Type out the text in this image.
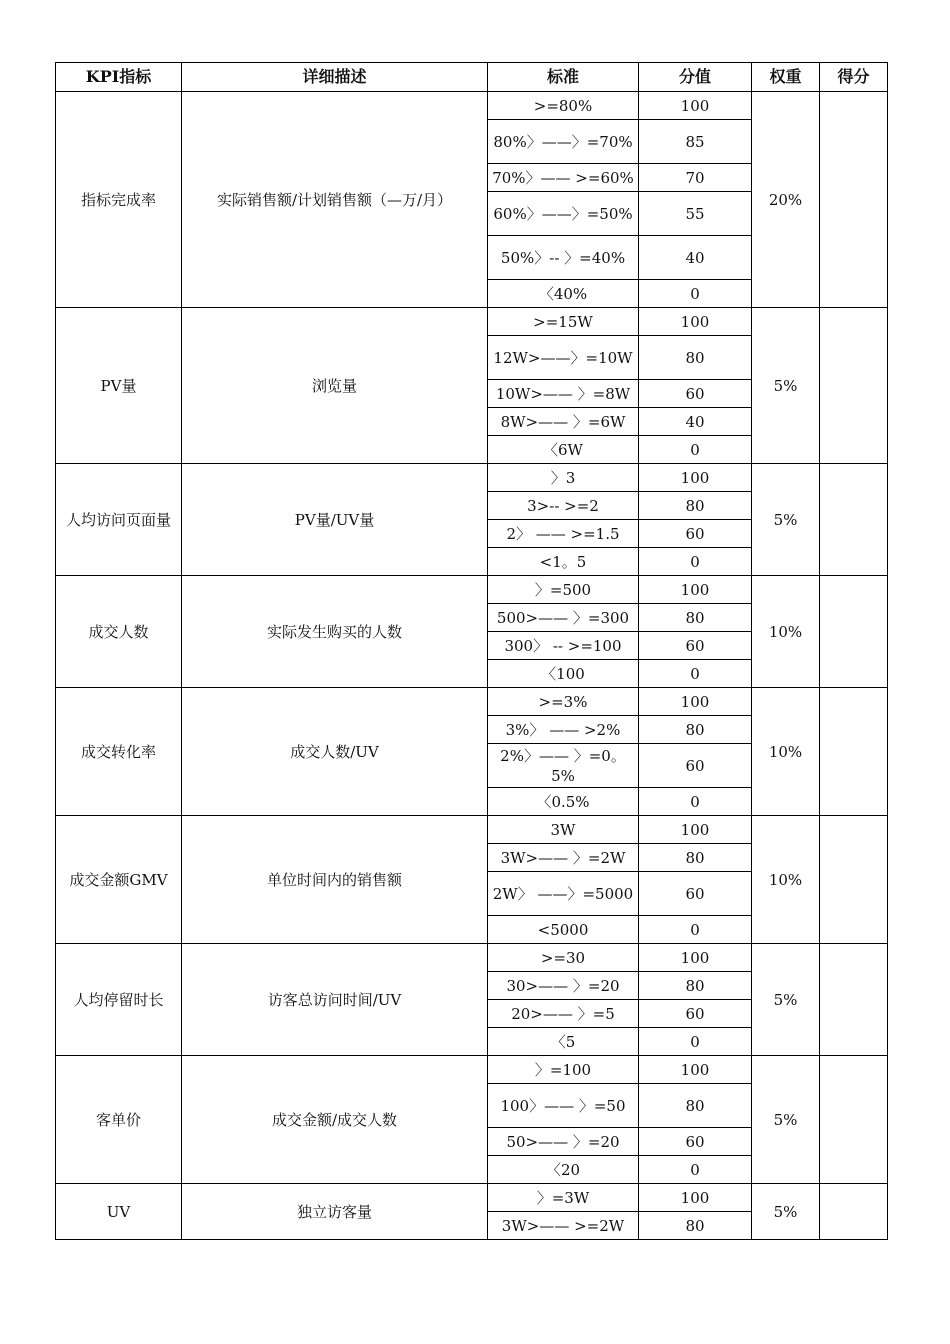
KPI指标	详细描述	标准	分值	权重	得分
指标完成率	实际销售额/计划销售额（—万/月）	>=80%	100	20%	
		80%〉——〉=70%	85		
		70%〉—— >=60%	70		
		60%〉——〉=50%	55		
		50%〉-- 〉=40%	40		
		〈40%	0		
PV量	浏览量	>=15W	100	5%	
		12W>——〉=10W	80		
		10W>—— 〉=8W	60		
		8W>—— 〉=6W	40		
		〈6W	0		
人均访问页面量	PV量/UV量	〉3	100	5%	
		3>-- >=2	80		
		2〉 —— >=1.5	60		
		<1。5	0		
成交人数	实际发生购买的人数	〉=500	100	10%	
		500>—— 〉=300	80		
		300〉 -- >=100	60		
		〈100	0		
成交转化率	成交人数/UV	>=3%	100	10%	
		3%〉 —— >2%	80		
		2%〉—— 〉=0。5%	60		
		〈0.5%	0		
成交金额GMV	单位时间内的销售额	3W	100	10%	
		3W>—— 〉=2W	80		
		2W〉 ——〉=5000	60		
		<5000	0		
人均停留时长	访客总访问时间/UV	>=30	100	5%	
		30>—— 〉=20	80		
		20>—— 〉=5	60		
		〈5	0		
客单价	成交金额/成交人数	〉=100	100	5%	
		100〉—— 〉=50	80		
		50>—— 〉=20	60		
		〈20	0		
UV	独立访客量	〉=3W	100	5%	
		3W>—— >=2W	80		
